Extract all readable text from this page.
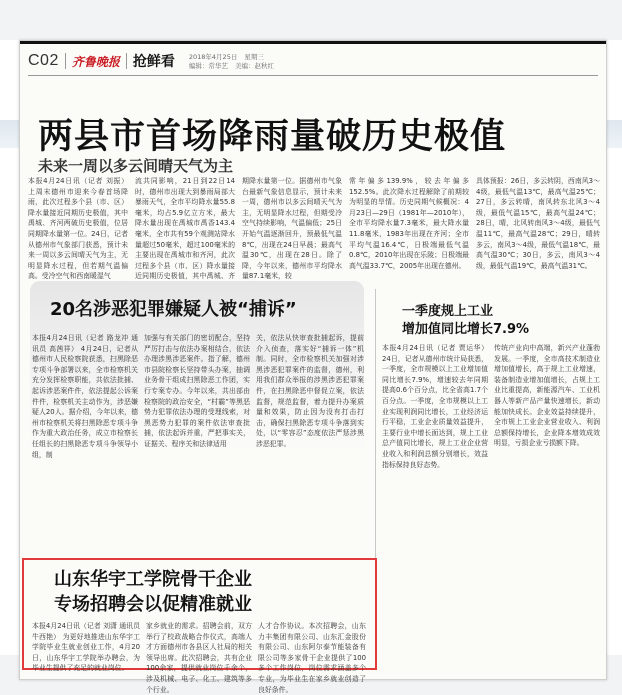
C02 齐鲁晚报 抢鲜看 2018年4月25日 星期三
编辑：常华艺 美编：赵秋红
两县市首场降雨量破历史极值
未来一周以多云间晴天气为主
本报4月24日讯（记者 刘振） 上周末德州市迎来今春首场降雨，此次过程多个县（市、区）降水量接近同期历史极值，其中禹城、齐河两破历史极值，位居同期降水量第一位。24日，记者从德州市气象部门获悉，预计未来一周以多云间晴天气为主，无明显降水过程，但若期气温偏高。受冷空气和西南暖湿气
流共同影响，21日到22日14时，德州市出现大到暴雨局部大暴雨天气，全市平均降水量55.8毫米，均占5.9亿立方米，最大降水量出现在禹城市禹香143.4毫米，全市共有59个观测站降水量超过50毫米，超过100毫米的主要出现在禹城市和齐河，此次过程多个县（市、区）降水量接近同期历史极值，其中禹城、齐
期降水量第一位。据德州市气象台最新气象信息显示，预计未来一周，德州市以多云间晴天气为主，无明显降水过程，但期受冷空气持续影响，气温偏低；25日开始气温逐渐回升，预最低气温8℃，出现在24日早晨；最高气温30℃，出现在28日。除了降，今年以来，德州市平均降水量87.1毫米，较
常年偏多139.9%，较去年偏多152.5%。此次降水过程解除了前期较为明显的旱情。历史同期气候概况：4月23日—29日（1981年—2010年），全市平均降水量7.3毫米，最大降水量11.8毫米，1983年出现在齐河；全市平均气温16.4℃，日极端最低气温0.8℃，2010年出现在乐陵；日极端最高气温33.7℃，2005年出现在德州。
具体预报：26日，多云转阴，西南风3～4级，最低气温13℃，最高气温25℃；27日，多云转晴，南风转东北风3～4级，最低气温15℃，最高气温24℃；28日，晴，北风转南风3～4级，最低气温11℃，最高气温28℃；29日，晴转多云，南风3～4级，最低气温18℃，最高气温30℃；30日，多云，南风3～4级，最低气温19℃，最高气温31℃。
20名涉恶犯罪嫌疑人被“捕诉”
本报4月24日讯（记者 路龙冲 通讯员 高茜祥） 4月24日，记者从德州市人民检察院获悉，扫黑除恶专项斗争部署以来，全市检察机关充分发挥检察职能，共依法批捕、起诉涉恶案件件，依法提起公诉案件件，检察机关主动作为，涉恶嫌疑人20人。据介绍，今年以来，德州市检察机关将扫黑除恶专项斗争作为重大政治任务，成立市检察长任组长的扫黑除恶专项斗争领导小组，制
加强与有关部门的密切配合，坚持严厉打击与依法办案相结合，依法办理涉黑涉恶案件。指了解，德州市县院检察长坚持带头办案，抽调业务骨干组成扫黑除恶工作团，实行专案专办。今年以来，共出部由检察院的政治安全，“村霸”等黑恶势力犯罪依法办理的受理线索，对黑恶势力犯罪的案件依法审查批捕，依法起诉并重，严把事实关，证据关、程序关和法律适用
关，依法从快审查批捕起诉，提前介入侦查，落实好“捕诉一体”机制。同时，全市检察机关加强对涉黑涉恶犯罪案件的监督，德州，利用我们群众举报的涉黑涉恶犯罪案件，在扫黑除恶中督促立案，依法监督，规范监督，着力提升办案质量和效果，防止因为没有打击打击，确保扫黑除恶专项斗争落到实处，以“零容忍”态度依法严惩涉黑涉恶犯罪。
一季度规上工业
增加值同比增长7.9%
本报4月24日讯（记者 贾运华） 24日，记者从德州市统计局获悉，一季度，全市规模以上工业增加值同比增长7.9%，增速较去年同期提高0.6个百分点，比全省高1.7个百分点。一季度，全市规模以上工业实现利润同比增长，工业经济运行平稳，工业企业质量效益提升，主要行业中增长面达到，规上工业总产值同比增长，规上工业企业营业收入和利润总额分别增长，效益指标保持良好态势。
传统产业向中高端，新兴产业蓬勃发展。一季度，全市高技术制造业增加值增长，高于规上工业增速，装备制造业增加值增长，占规上工业比重提高，新能源汽车、工业机器人等新产品产量快速增长，新动能加快成长。企业效益持续提升，全市规上工业企业营业收入、利润总额保持增长，企业降本增效成效明显，亏损企业亏损额下降。
山东华宇工学院骨干企业
专场招聘会以促精准就业
本报4月24日讯（记者 刘潇 通讯员 牛西艳） 为更好地推进山东华宇工学院毕业生就业创业工作，4月20日，山东华宇工学院举办聘会，为毕业生提供了充足的就业岗位。
家乡就业的需求。招聘会前，双方举行了校政战略合作仪式，高端人才方面德州市各县区人社局的相关领导出席。此次招聘会，共有企业100余家，提供就业岗位千余个，涉及机械、电子、化工、建筑等多个行业。
人才合作协议。本次招聘会，山东力丰集团有限公司、山东汇金股份有限公司、山东阿尔泰节能装备有限公司等多家骨干企业提供了100多个工作岗位，岗位需求涵盖多个专业，为毕业生在家乡就业创造了良好条件。
